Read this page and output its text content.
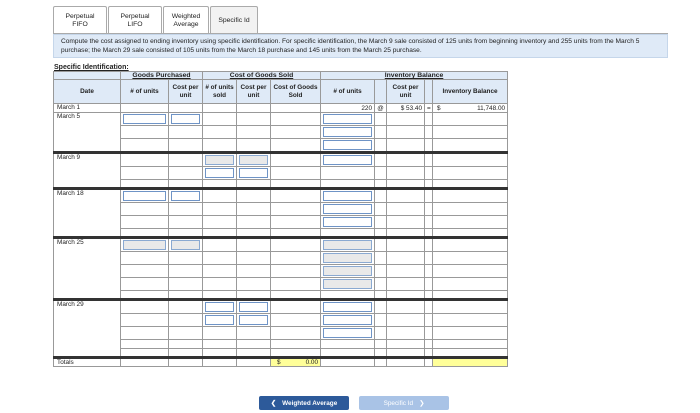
Perpetual FIFO
Perpetual LIFO
Weighted
Average
Specific Id
Compute the cost assigned to ending inventory using specific identification. For specific identification, the March 9 sale consisted of 125 units from beginning inventory and 255 units from the March 5 purchase; the March 29 sale consisted of 105 units from the March 18 purchase and 145 units from the March 25 purchase.
Specific Identification:
	Goods Purchased		Cost of Goods Sold			Inventory Balance				
Date	# of units	Cost per unit	# of units sold	Cost per unit	Cost of Goods Sold	# of units		Cost per unit		Inventory Balance
March 1						220	@	$ 53.40	=	$ 11,748.00
March 5	

March 9			

March 18	

March 25	

March 29			

Totals					$ 0.00					
❮ Weighted Average	Specific Id ❯
